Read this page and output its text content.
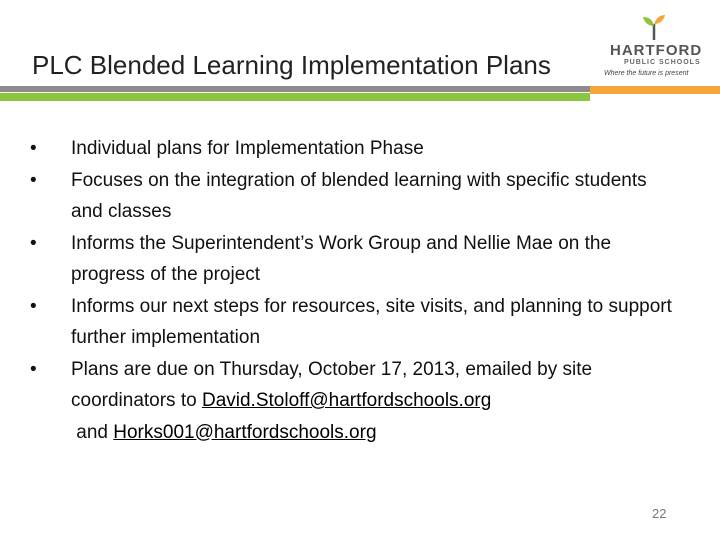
PLC Blended Learning Implementation Plans	HARTFORD
PUBLIC SCHOOLS
Where the future is present
•	Individual plans for Implementation Phase
•	Focuses on the integration of blended learning with specific students and classes
•	Informs the Superintendent’s Work Group and Nellie Mae on the progress of the project
•	Informs our next steps for resources, site visits, and planning to support further implementation
•	Plans are due on Thursday, October 17, 2013, emailed by site coordinators to David.Stoloff@hartfordschools.org and Horks001@hartfordschools.org
22
